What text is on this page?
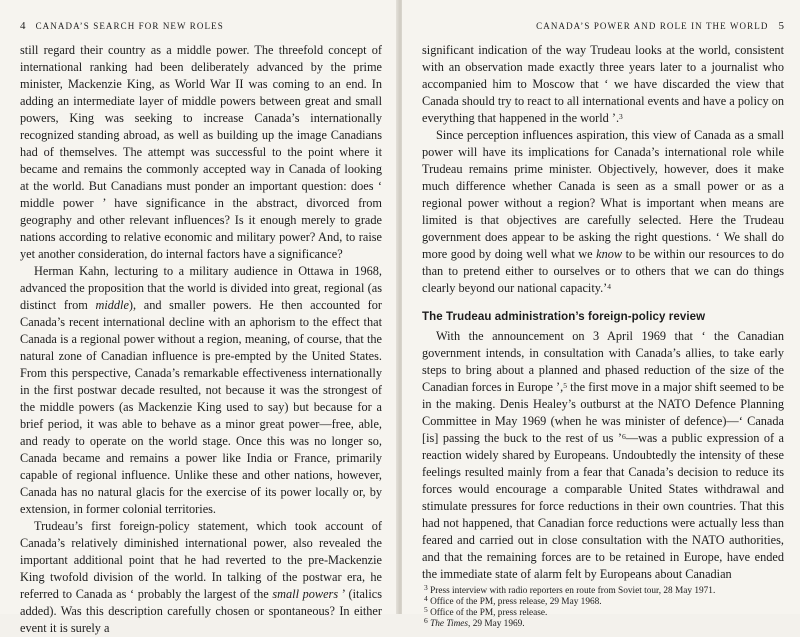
4 CANADA’S SEARCH FOR NEW ROLES

still regard their country as a middle power. The threefold concept of international ranking had been deliberately advanced by the prime minister, Mackenzie King, as World War II was coming to an end. In adding an intermediate layer of middle powers between great and small powers, King was seeking to increase Canada’s internationally recognized standing abroad, as well as building up the image Canadians had of themselves. The attempt was successful to the point where it became and remains the commonly accepted way in Canada of looking at the world. But Canadians must ponder an important question: does ‘ middle power ’ have significance in the abstract, divorced from geography and other relevant influences? Is it enough merely to grade nations according to relative economic and military power? And, to raise yet another consideration, do internal factors have a significance?

Herman Kahn, lecturing to a military audience in Ottawa in 1968, advanced the proposition that the world is divided into great, regional (as distinct from middle), and smaller powers. He then accounted for Canada’s recent international decline with an aphorism to the effect that Canada is a regional power without a region, meaning, of course, that the natural zone of Canadian influence is pre-empted by the United States. From this perspective, Canada’s remarkable effectiveness internationally in the first postwar decade resulted, not because it was the strongest of the middle powers (as Mackenzie King used to say) but because for a brief period, it was able to behave as a minor great power—free, able, and ready to operate on the world stage. Once this was no longer so, Canada became and remains a power like India or France, primarily capable of regional influence. Unlike these and other nations, however, Canada has no natural glacis for the exercise of its power locally or, by extension, in former colonial territories.

Trudeau’s first foreign-policy statement, which took account of Canada’s relatively diminished international power, also revealed the important additional point that he had reverted to the pre-Mackenzie King twofold division of the world. In talking of the postwar era, he referred to Canada as ‘ probably the largest of the small powers ’ (italics added). Was this description carefully chosen or spontaneous? In either event it is surely a

CANADA’S POWER AND ROLE IN THE WORLD 5

significant indication of the way Trudeau looks at the world, consistent with an observation made exactly three years later to a journalist who accompanied him to Moscow that ‘ we have discarded the view that Canada should try to react to all international events and have a policy on everything that happened in the world ’.$^3$

Since perception influences aspiration, this view of Canada as a small power will have its implications for Canada’s international role while Trudeau remains prime minister. Objectively, however, does it make much difference whether Canada is seen as a small power or as a regional power without a region? What is important when means are limited is that objectives are carefully selected. Here the Trudeau government does appear to be asking the right questions. ‘ We shall do more good by doing well what we know to be within our resources to do than to pretend either to ourselves or to others that we can do things clearly beyond our national capacity.’$^4$

The Trudeau administration’s foreign-policy review

With the announcement on 3 April 1969 that ‘ the Canadian government intends, in consultation with Canada’s allies, to take early steps to bring about a planned and phased reduction of the size of the Canadian forces in Europe ’,$^5$ the first move in a major shift seemed to be in the making. Denis Healey’s outburst at the NATO Defence Planning Committee in May 1969 (when he was minister of defence)—‘ Canada [is] passing the buck to the rest of us ’$^6$—was a public expression of a reaction widely shared by Europeans. Undoubtedly the intensity of these feelings resulted mainly from a fear that Canada’s decision to reduce its forces would encourage a comparable United States withdrawal and stimulate pressures for force reductions in their own countries. That this had not happened, that Canadian force reductions were actually less than feared and carried out in close consultation with the NATO authorities, and that the remaining forces are to be retained in Europe, have ended the immediate state of alarm felt by Europeans about Canadian

$^3$ Press interview with radio reporters en route from Soviet tour, 28 May 1971.
$^4$ Office of the PM, press release, 29 May 1968.
$^5$ Office of the PM, press release.
$^6$ The Times, 29 May 1969.
